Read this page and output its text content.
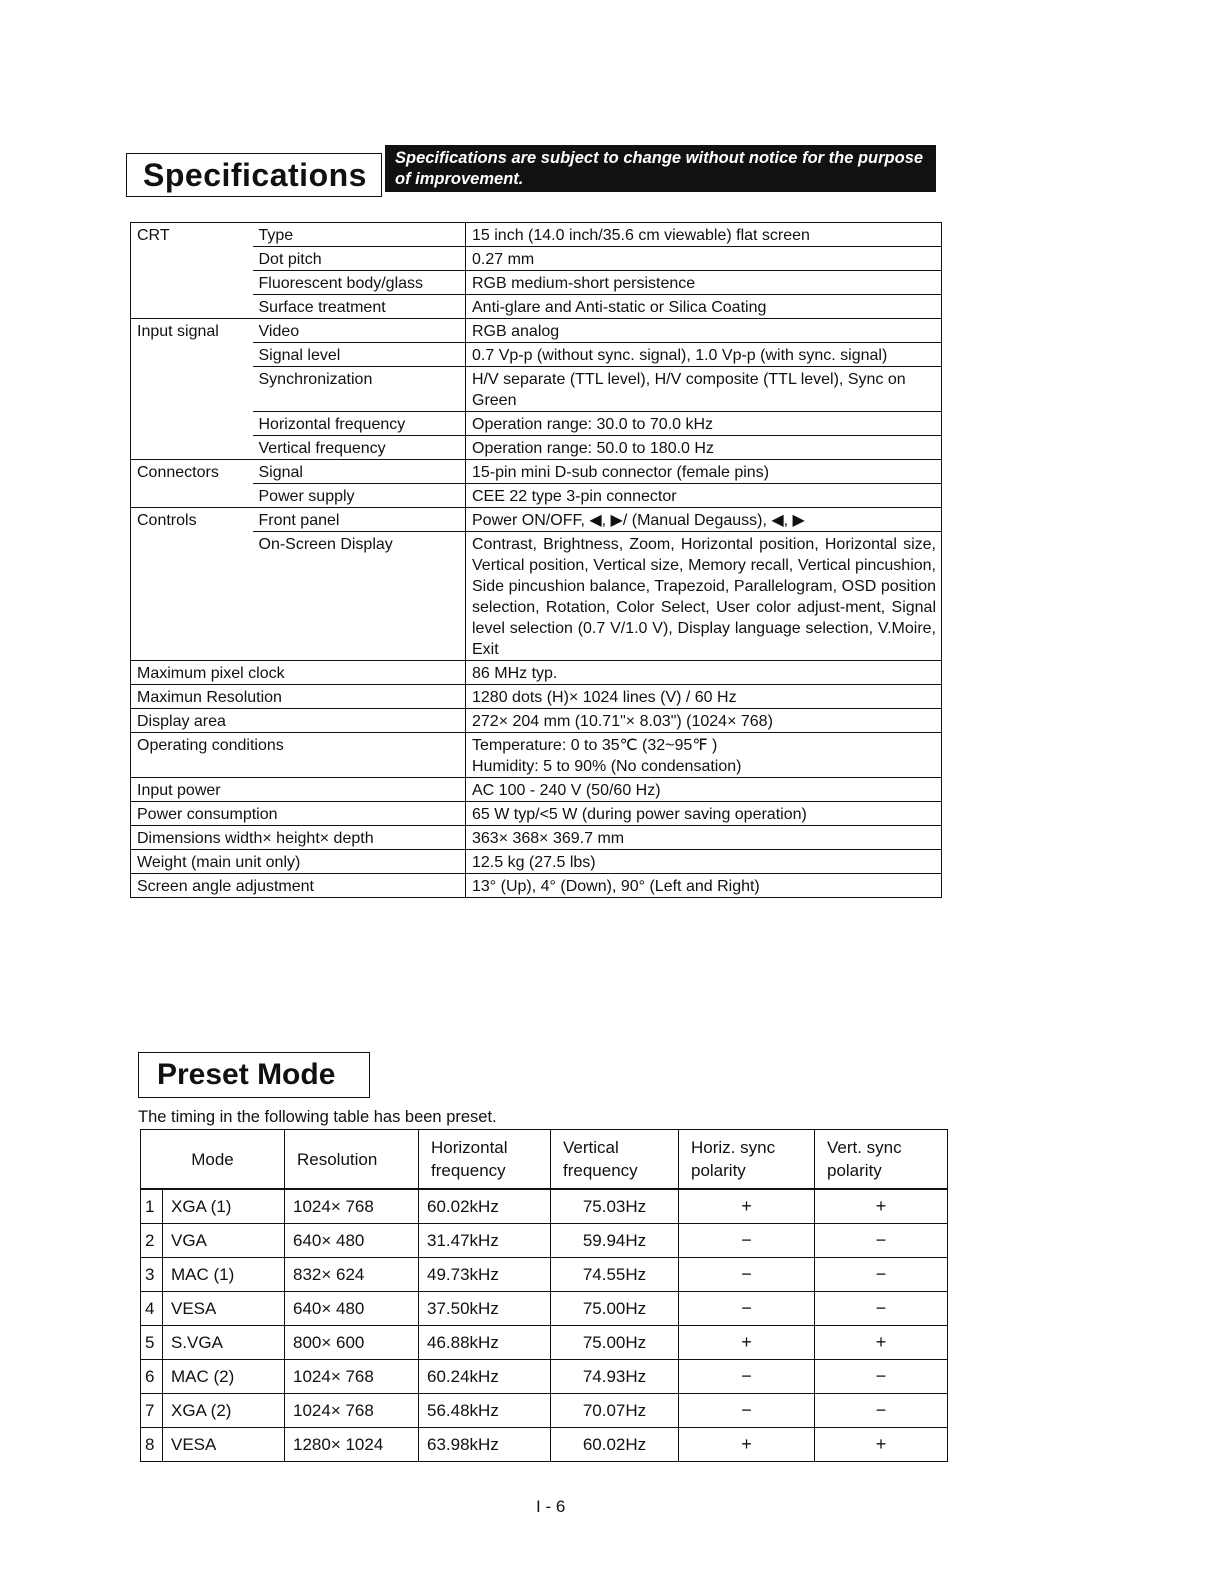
Specifications	Specifications are subject to change without notice for the purpose of improvement.
CRT	Type	15 inch (14.0 inch/35.6 cm viewable) flat screen
	Dot pitch	0.27 mm
	Fluorescent body/glass	RGB medium-short persistence
	Surface treatment	Anti-glare and Anti-static or Silica Coating
Input signal	Video	RGB analog
	Signal level	0.7 Vp-p (without sync. signal), 1.0 Vp-p (with sync. signal)
	Synchronization	H/V separate (TTL level), H/V composite (TTL level), Sync on Green
	Horizontal frequency	Operation range: 30.0 to 70.0 kHz
	Vertical frequency	Operation range: 50.0 to 180.0 Hz
Connectors	Signal	15-pin mini D-sub connector (female pins)
	Power supply	CEE 22 type 3-pin connector
Controls	Front panel	Power ON/OFF, ◀, ▶/ (Manual Degauss), ◀, ▶
	On-Screen Display	Contrast, Brightness, Zoom, Horizontal position, Horizontal size, Vertical position, Vertical size, Memory recall, Vertical pincushion, Side pincushion balance, Trapezoid, Parallelogram, OSD position selection, Rotation, Color Select, User color adjust-ment, Signal level selection (0.7 V/1.0 V), Display language selection, V.Moire, Exit
Maximum pixel clock		86 MHz typ.
Maximun Resolution		1280 dots (H)× 1024 lines (V) / 60 Hz
Display area		272× 204 mm (10.71"× 8.03") (1024× 768)
Operating conditions		Temperature: 0 to 35℃ (32~95℉ )
Humidity: 5 to 90% (No condensation)

Input power		AC 100 - 240 V (50/60 Hz)
Power consumption		65 W typ/<5 W (during power saving operation)
Dimensions width× height× depth		363× 368× 369.7 mm
Weight (main unit only)		12.5 kg (27.5 lbs)
Screen angle adjustment		13° (Up), 4° (Down), 90° (Left and Right)
Preset Mode
The timing in the following table has been preset.
Mode		Resolution	Horizontal frequency	Vertical frequency	Horiz. sync polarity	Vert. sync polarity
1	XGA (1)	1024× 768	60.02kHz	75.03Hz	+	+
2	VGA	640× 480	31.47kHz	59.94Hz	−	−
3	MAC (1)	832× 624	49.73kHz	74.55Hz	−	−
4	VESA	640× 480	37.50kHz	75.00Hz	−	−
5	S.VGA	800× 600	46.88kHz	75.00Hz	+	+
6	MAC (2)	1024× 768	60.24kHz	74.93Hz	−	−
7	XGA (2)	1024× 768	56.48kHz	70.07Hz	−	−
8	VESA	1280× 1024	63.98kHz	60.02Hz	+	+
I - 6
